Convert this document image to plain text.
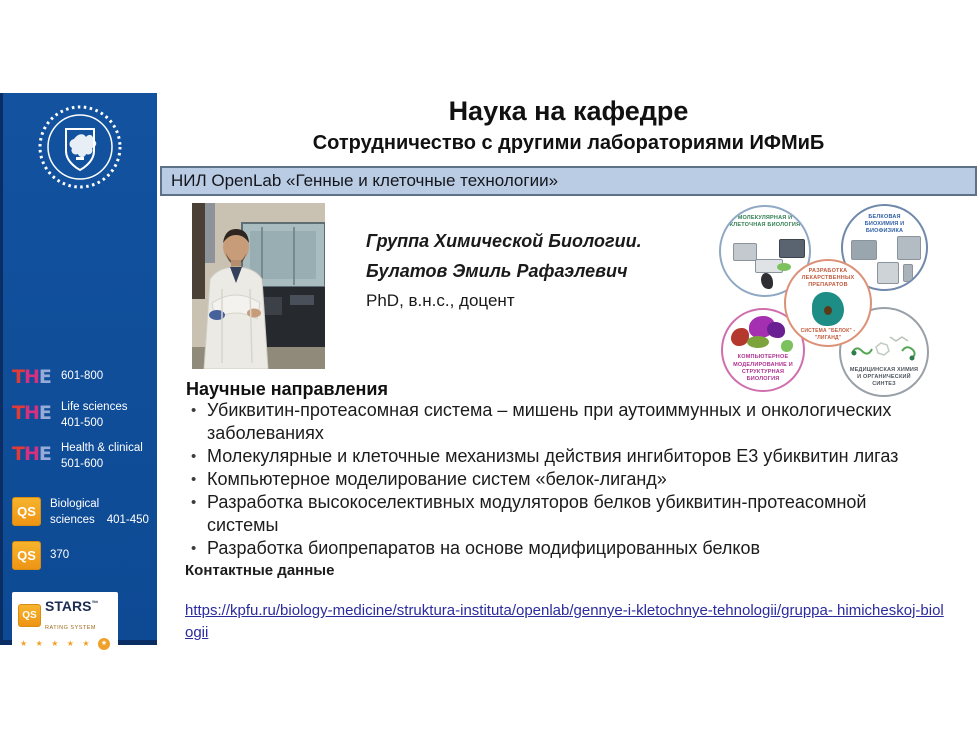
THE 601-800
THE Life sciences
401-500
THE Health & clinical
501-600
QS	Biological

sciences 401-450
QS	370
QS
STARS™
RATING SYSTEM
★ ★ ★ ★ ★	★
Наука на кафедре
Сотрудничество с другими лабораториями ИФМиБ
НИЛ OpenLab «Генные и клеточные технологии»
Группа Химической Биологии.
Булатов Эмиль Рафаэлевич
PhD, в.н.с., доцент
МОЛЕКУЛЯРНАЯ И КЛЕТОЧНАЯ БИОЛОГИЯ
БЕЛКОВАЯ БИОХИМИЯ И БИОФИЗИКА
РАЗРАБОТКА ЛЕКАРСТВЕННЫХ ПРЕПАРАТОВ
СИСТЕМА "БЕЛОК" - "ЛИГАНД"
КОМПЬЮТЕРНОЕ МОДЕЛИРОВАНИЕ И СТРУКТУРНАЯ БИОЛОГИЯ
МЕДИЦИНСКАЯ ХИМИЯ И ОРГАНИЧЕСКИЙ СИНТЕЗ
Научные направления
• Убиквитин-протеасомная система – мишень при аутоиммунных и онкологических заболеваниях
• Молекулярные и клеточные механизмы действия ингибиторов E3 убиквитин лигаз
• Компьютерное моделирование систем «белок-лиганд»
• Разработка высокоселективных модуляторов белков убиквитин-протеасомной системы
• Разработка биопрепаратов на основе модифицированных белков
Контактные данные
https://kpfu.ru/biology-medicine/struktura-instituta/openlab/gennye-i-kletochnye-tehnologii/gruppa- himicheskoj-biologii
